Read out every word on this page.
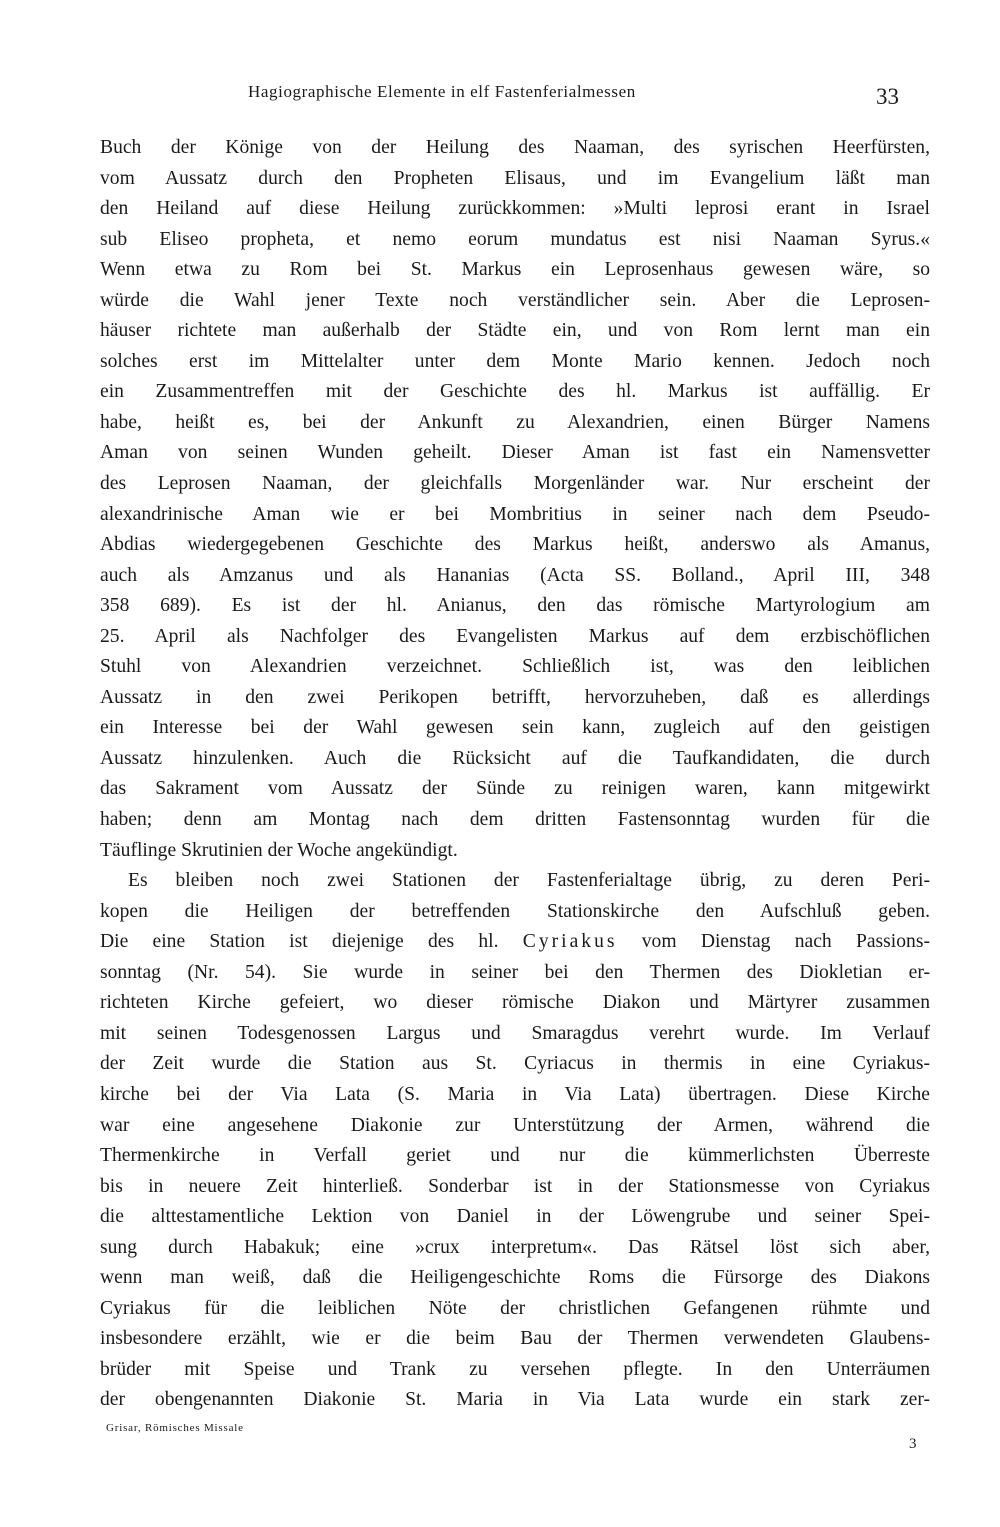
Hagiographische Elemente in elf Fastenferialmessen	33
Buch der Könige von der Heilung des Naaman, des syrischen Heerfürsten,
vom Aussatz durch den Propheten Elisaus, und im Evangelium läßt man
den Heiland auf diese Heilung zurückkommen: »Multi leprosi erant in Israel
sub Eliseo propheta, et nemo eorum mundatus est nisi Naaman Syrus.«
Wenn etwa zu Rom bei St. Markus ein Leprosenhaus gewesen wäre, so
würde die Wahl jener Texte noch verständlicher sein. Aber die Leprosen-
häuser richtete man außerhalb der Städte ein, und von Rom lernt man ein
solches erst im Mittelalter unter dem Monte Mario kennen. Jedoch noch
ein Zusammentreffen mit der Geschichte des hl. Markus ist auffällig. Er
habe, heißt es, bei der Ankunft zu Alexandrien, einen Bürger Namens
Aman von seinen Wunden geheilt. Dieser Aman ist fast ein Namensvetter
des Leprosen Naaman, der gleichfalls Morgenländer war. Nur erscheint der
alexandrinische Aman wie er bei Mombritius in seiner nach dem Pseudo-
Abdias wiedergegebenen Geschichte des Markus heißt, anderswo als Amanus,
auch als Amzanus und als Hananias (Acta SS. Bolland., April III, 348
358 689). Es ist der hl. Anianus, den das römische Martyrologium am
25. April als Nachfolger des Evangelisten Markus auf dem erzbischöflichen
Stuhl von Alexandrien verzeichnet. Schließlich ist, was den leiblichen
Aussatz in den zwei Perikopen betrifft, hervorzuheben, daß es allerdings
ein Interesse bei der Wahl gewesen sein kann, zugleich auf den geistigen
Aussatz hinzulenken. Auch die Rücksicht auf die Taufkandidaten, die durch
das Sakrament vom Aussatz der Sünde zu reinigen waren, kann mitgewirkt
haben; denn am Montag nach dem dritten Fastensonntag wurden für die
Täuflinge Skrutinien der Woche angekündigt.
Es bleiben noch zwei Stationen der Fastenferialtage übrig, zu deren Peri-
kopen die Heiligen der betreffenden Stationskirche den Aufschluß geben.
Die eine Station ist diejenige des hl. Cyriakus vom Dienstag nach Passions-
sonntag (Nr. 54). Sie wurde in seiner bei den Thermen des Diokletian er-
richteten Kirche gefeiert, wo dieser römische Diakon und Märtyrer zusammen
mit seinen Todesgenossen Largus und Smaragdus verehrt wurde. Im Verlauf
der Zeit wurde die Station aus St. Cyriacus in thermis in eine Cyriakus-
kirche bei der Via Lata (S. Maria in Via Lata) übertragen. Diese Kirche
war eine angesehene Diakonie zur Unterstützung der Armen, während die
Thermenkirche in Verfall geriet und nur die kümmerlichsten Überreste
bis in neuere Zeit hinterließ. Sonderbar ist in der Stationsmesse von Cyriakus
die alttestamentliche Lektion von Daniel in der Löwengrube und seiner Spei-
sung durch Habakuk; eine »crux interpretum«. Das Rätsel löst sich aber,
wenn man weiß, daß die Heiligengeschichte Roms die Fürsorge des Diakons
Cyriakus für die leiblichen Nöte der christlichen Gefangenen rühmte und
insbesondere erzählt, wie er die beim Bau der Thermen verwendeten Glaubens-
brüder mit Speise und Trank zu versehen pflegte. In den Unterräumen
der obengenannten Diakonie St. Maria in Via Lata wurde ein stark zer-
Grisar, Römisches Missale
3
